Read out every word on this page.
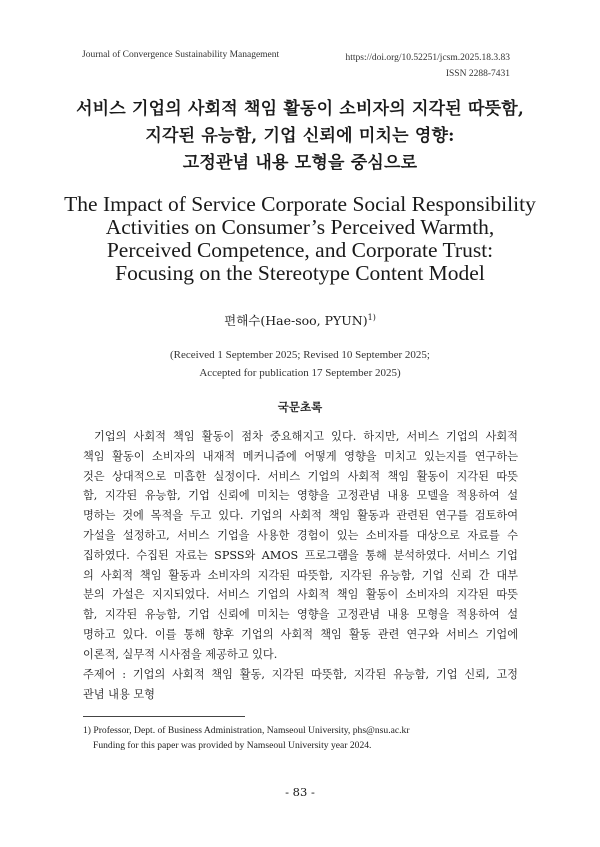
Journal of Convergence Sustainability Management	https://doi.org/10.52251/jcsm.2025.18.3.83
ISSN 2288-7431
서비스 기업의 사회적 책임 활동이 소비자의 지각된 따뜻함,
지각된 유능함, 기업 신뢰에 미치는 영향:
고정관념 내용 모형을 중심으로
The Impact of Service Corporate Social Responsibility
Activities on Consumer’s Perceived Warmth,
Perceived Competence, and Corporate Trust:
Focusing on the Stereotype Content Model
편해수(Hae-soo, PYUN)$^{1)}$
(Received 1 September 2025; Revised 10 September 2025;
Accepted for publication 17 September 2025)
국문초록
기업의 사회적 책임 활동이 점차 중요해지고 있다. 하지만, 서비스 기업의 사회적
책임 활동이 소비자의 내재적 메커니즘에 어떻게 영향을 미치고 있는지를 연구하는
것은 상대적으로 미흡한 실정이다. 서비스 기업의 사회적 책임 활동이 지각된 따뜻
함, 지각된 유능함, 기업 신뢰에 미치는 영향을 고정관념 내용 모델을 적용하여 설
명하는 것에 목적을 두고 있다. 기업의 사회적 책임 활동과 관련된 연구를 검토하여
가설을 설정하고, 서비스 기업을 사용한 경험이 있는 소비자를 대상으로 자료를 수
집하였다. 수집된 자료는 SPSS와 AMOS 프로그램을 통해 분석하였다. 서비스 기업
의 사회적 책임 활동과 소비자의 지각된 따뜻함, 지각된 유능함, 기업 신뢰 간 대부
분의 가설은 지지되었다. 서비스 기업의 사회적 책임 활동이 소비자의 지각된 따뜻
함, 지각된 유능함, 기업 신뢰에 미치는 영향을 고정관념 내용 모형을 적용하여 설
명하고 있다. 이를 통해 향후 기업의 사회적 책임 활동 관련 연구와 서비스 기업에
이론적, 실무적 시사점을 제공하고 있다.
주제어 : 기업의 사회적 책임 활동, 지각된 따뜻함, 지각된 유능함, 기업 신뢰, 고정
관념 내용 모형
1) Professor, Dept. of Business Administration, Namseoul University, phs@nsu.ac.kr
Funding for this paper was provided by Namseoul University year 2024.
- 83 -
